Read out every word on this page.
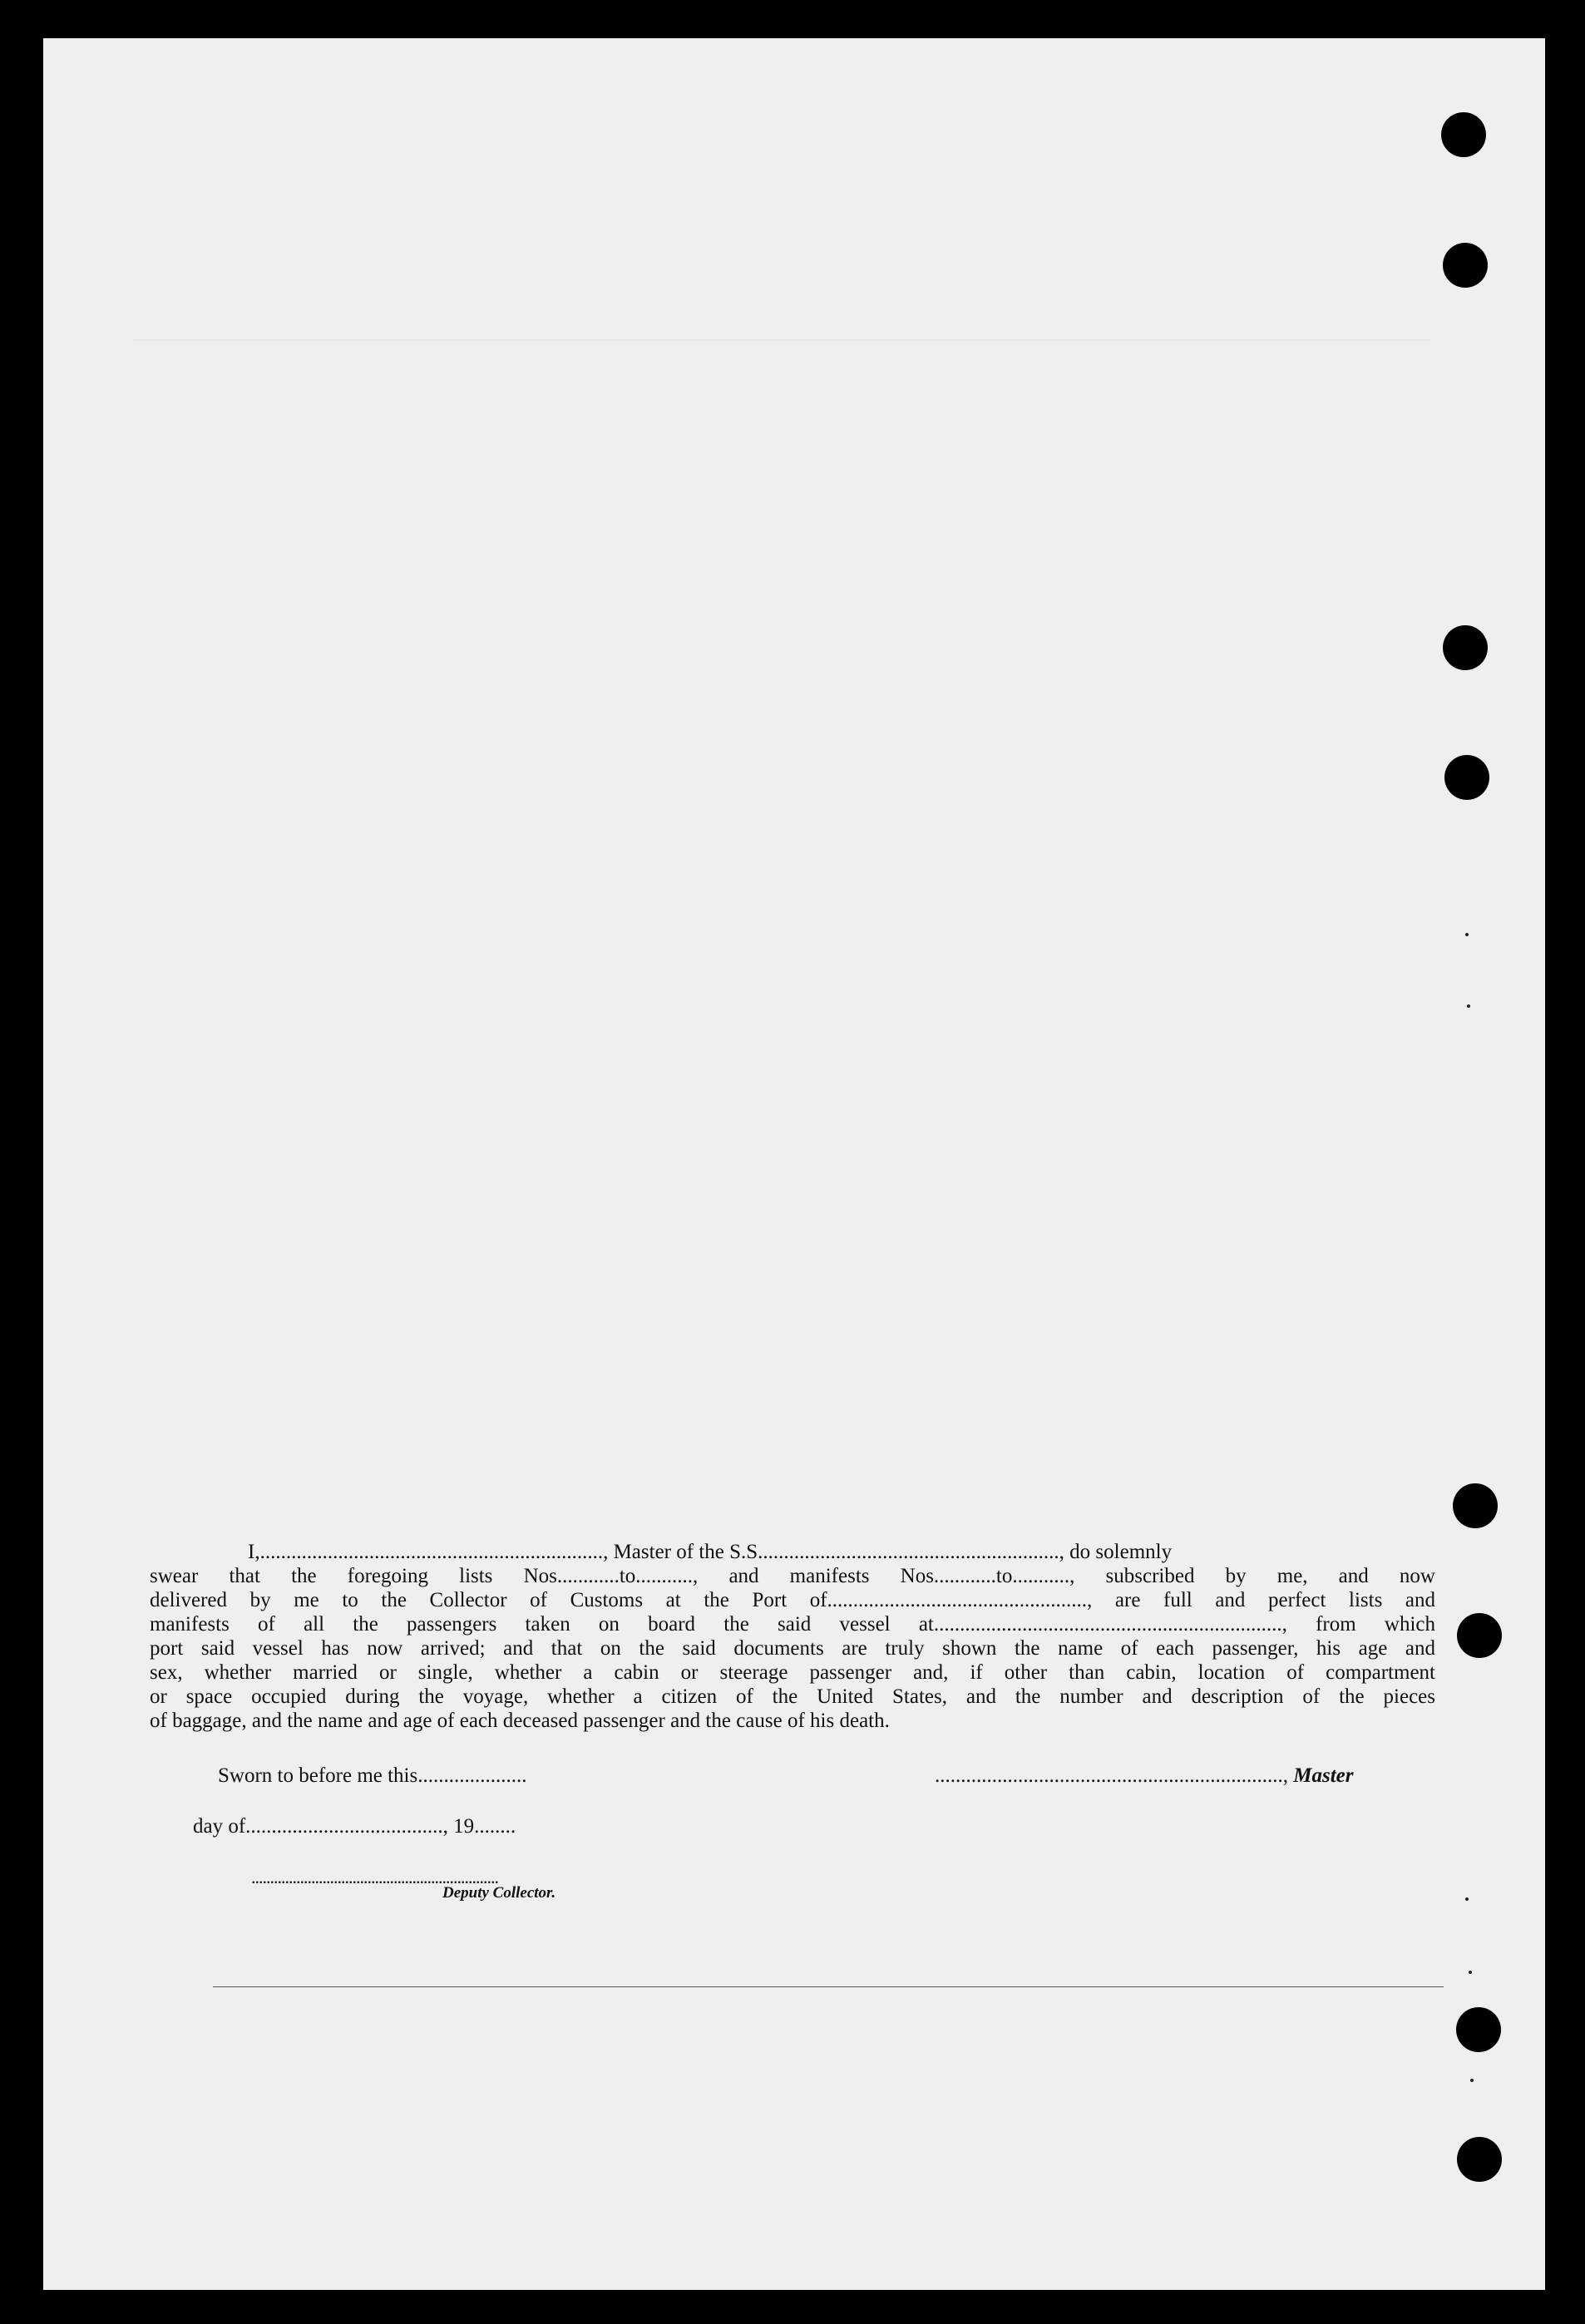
I,.................................................................., Master of the S.S.........................................................., do solemnly
swear that the foregoing lists Nos............to..........., and manifests Nos............to..........., subscribed by me, and now
delivered by me to the Collector of Customs at the Port of.................................................., are full and perfect lists and
manifests of all the passengers taken on board the said vessel at..................................................................., from which
port said vessel has now arrived; and that on the said documents are truly shown the name of each passenger, his age and
sex, whether married or single, whether a cabin or steerage passenger and, if other than cabin, location of compartment
or space occupied during the voyage, whether a citizen of the United States, and the number and description of the pieces
of baggage, and the name and age of each deceased passenger and the cause of his death.
Sworn to before me this.....................	..................................................................., Master
day of......................................, 19........
..................................................................
Deputy Collector.
